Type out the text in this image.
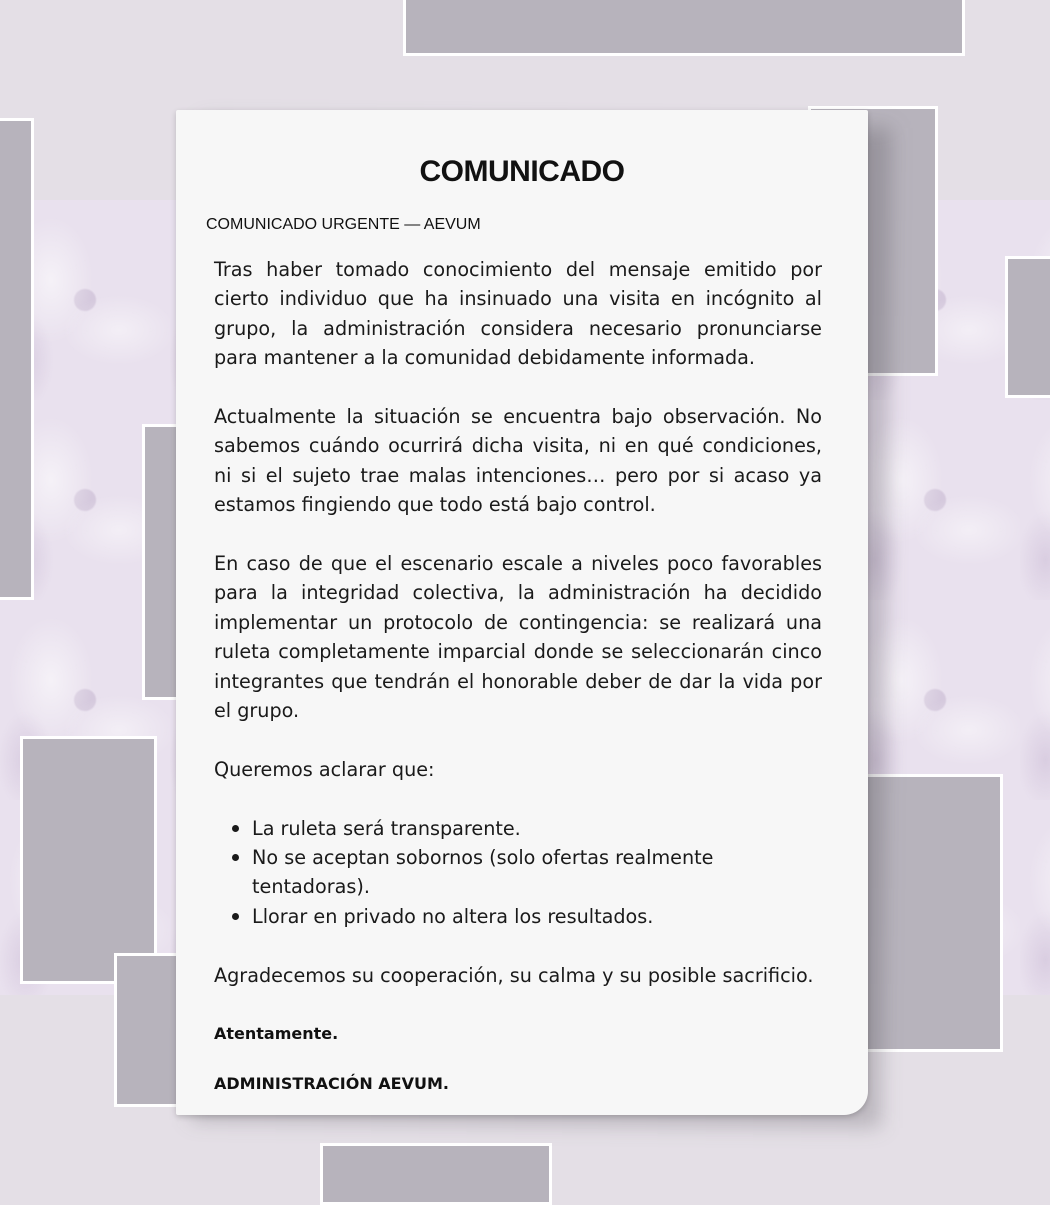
COMUNICADO
COMUNICADO URGENTE — AEVUM

Tras haber tomado conocimiento del mensaje emitido por cierto individuo que ha insinuado una visita en incógnito al grupo, la administración considera necesario pronunciarse para mantener a la comunidad debidamente informada.

Actualmente la situación se encuentra bajo observación. No sabemos cuándo ocurrirá dicha visita, ni en qué condiciones, ni si el sujeto trae malas intenciones… pero por si acaso ya estamos fingiendo que todo está bajo control.

En caso de que el escenario escale a niveles poco favorables para la integridad colectiva, la administración ha decidido implementar un protocolo de contingencia: se realizará una ruleta completamente imparcial donde se seleccionarán cinco integrantes que tendrán el honorable deber de dar la vida por el grupo.

Queremos aclarar que:

La ruleta será transparente.
No se aceptan sobornos (solo ofertas realmente tentadoras).
Llorar en privado no altera los resultados.

Agradecemos su cooperación, su calma y su posible sacrificio.

Atentamente.
ADMINISTRACIÓN AEVUM.
